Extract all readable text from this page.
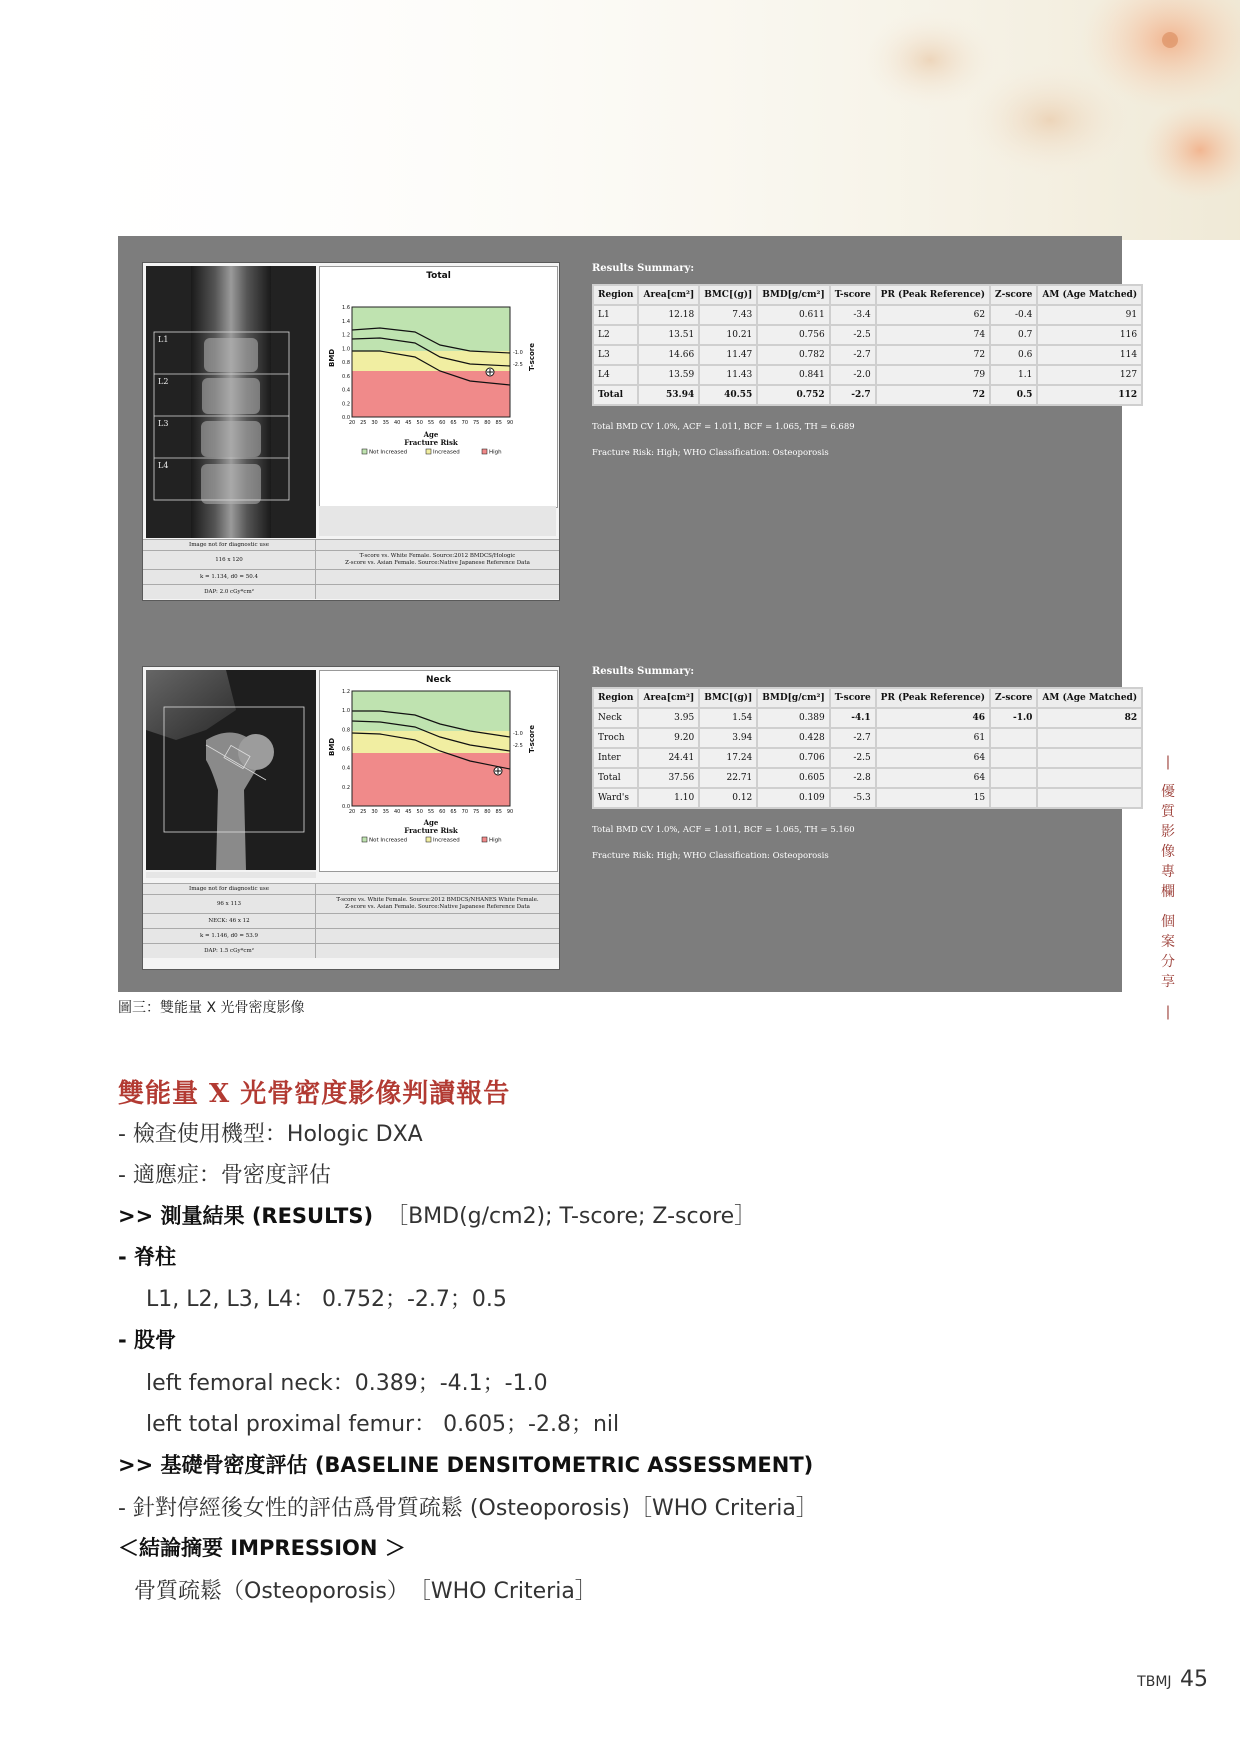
L1
L2
L3
L4
Total
1.6
1.4
1.2
1.0
0.8
0.6
0.4
0.2
0.0
20 25 30 35 40 45 50 55 60 65 70 75 80 85 90
-1.0
-2.5
BMD	T-score
Age
Fracture Risk
Not Increased	Increased	High
Image not for diagnostic use
116 x 120
T-score vs. White Female. Source:2012 BMDCS/Hologic
Z-score vs. Asian Female. Source:Native Japanese Reference Data
k = 1.134, d0 = 50.4
DAP: 2.0 cGy*cm²
Results Summary:
Region	Area[cm²]	BMC[(g)]	BMD[g/cm²]	T-score	PR (Peak Reference)	Z-score	AM (Age Matched)
L1	12.18	7.43	0.611	-3.4	62	-0.4	91
L2	13.51	10.21	0.756	-2.5	74	0.7	116
L3	14.66	11.47	0.782	-2.7	72	0.6	114
L4	13.59	11.43	0.841	-2.0	79	1.1	127
Total	53.94	40.55	0.752	-2.7	72	0.5	112
Total BMD CV 1.0%, ACF = 1.011, BCF = 1.065, TH = 6.689
Fracture Risk: High; WHO Classification: Osteoporosis
Neck
1.2
1.0
0.8
0.6
0.4
0.2
0.0
20 25 30 35 40 45 50 55 60 65 70 75 80 85 90
-1.0
-2.5
BMD	T-score
Age
Fracture Risk
Not Increased	Increased	High
Image not for diagnostic use
96 x 113
T-score vs. White Female. Source:2012 BMDCS/NHANES White Female.
Z-score vs. Asian Female. Source:Native Japanese Reference Data
NECK: 46 x 12
k = 1.146, d0 = 53.9
DAP: 1.5 cGy*cm²
Results Summary:
Region	Area[cm²]	BMC[(g)]	BMD[g/cm²]	T-score	PR (Peak Reference)	Z-score	AM (Age Matched)
Neck	3.95	1.54	0.389	-4.1	46	-1.0	82
Troch	9.20	3.94	0.428	-2.7	61		
Inter	24.41	17.24	0.706	-2.5	64		
Total	37.56	22.71	0.605	-2.8	64		
Ward's	1.10	0.12	0.109	-5.3	15		
Total BMD CV 1.0%, ACF = 1.011, BCF = 1.065, TH = 5.160
Fracture Risk: High; WHO Classification: Osteoporosis
圖三：雙能量 X 光骨密度影像
|

優
質
影
像
專
欄

個
案
分
享

|
雙能量 X 光骨密度影像判讀報告
- 檢查使用機型：Hologic DXA
- 適應症：骨密度評估
>> 測量結果 (RESULTS) ［BMD(g/cm2); T-score; Z-score］
- 脊柱
L1, L2, L3, L4： 0.752；-2.7；0.5
- 股骨
left femoral neck：0.389；-4.1；-1.0
left total proximal femur： 0.605；-2.8；nil
>> 基礎骨密度評估 (BASELINE DENSITOMETRIC ASSESSMENT)
- 針對停經後女性的評估爲骨質疏鬆 (Osteoporosis)［WHO Criteria］
＜結論摘要 IMPRESSION ＞
骨質疏鬆（Osteoporosis）　［WHO Criteria］
TBMJ 45
